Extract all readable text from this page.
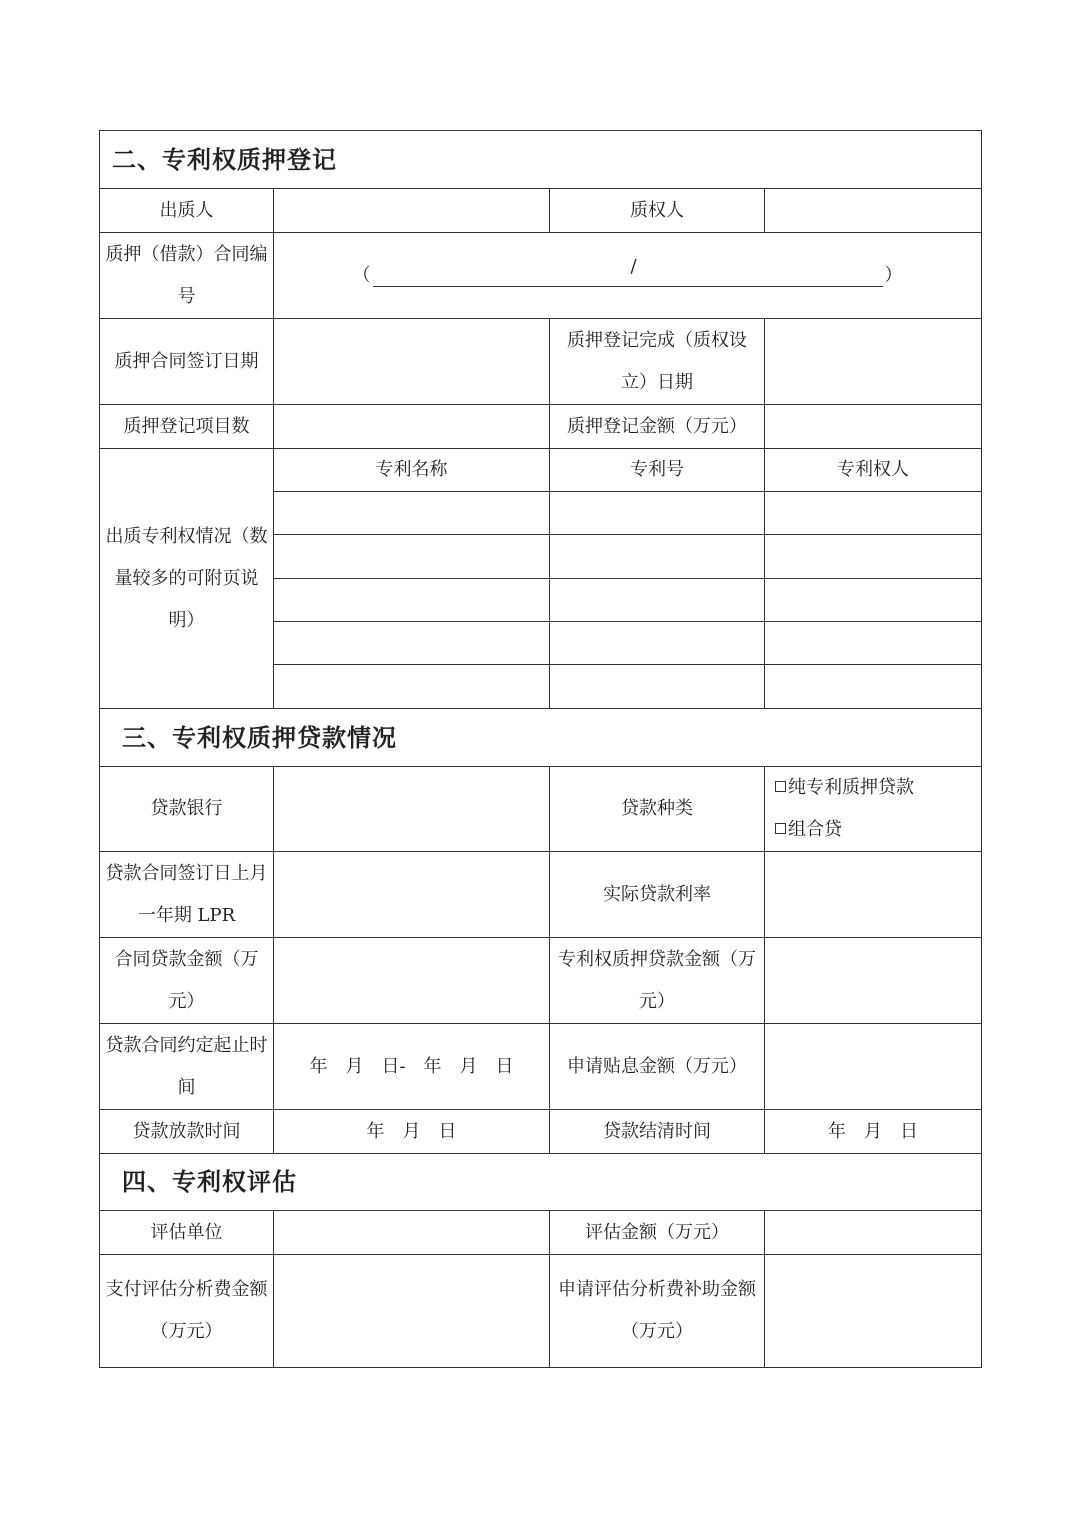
二、专利权质押登记			
出质人		质权人	
质押（借款）合同编号	（ / ）		

质押合同签订日期		质押登记完成（质权设立）日期	
质押登记项目数		质押登记金额（万元）	
出质专利权情况（数量较多的可附页说明）	专利名称	专利号	专利权人

三、专利权质押贷款情况			
贷款银行		贷款种类	纯专利质押贷款
组合贷

贷款合同签订日上月一年期 LPR		实际贷款利率	
合同贷款金额（万元）		专利权质押贷款金额（万元）	
贷款合同约定起止时间	年　月　日-　年　月　日	申请贴息金额（万元）	
贷款放款时间	年　月　日	贷款结清时间	年　月　日
四、专利权评估			
评估单位		评估金额（万元）	
支付评估分析费金额（万元）		申请评估分析费补助金额（万元）	
